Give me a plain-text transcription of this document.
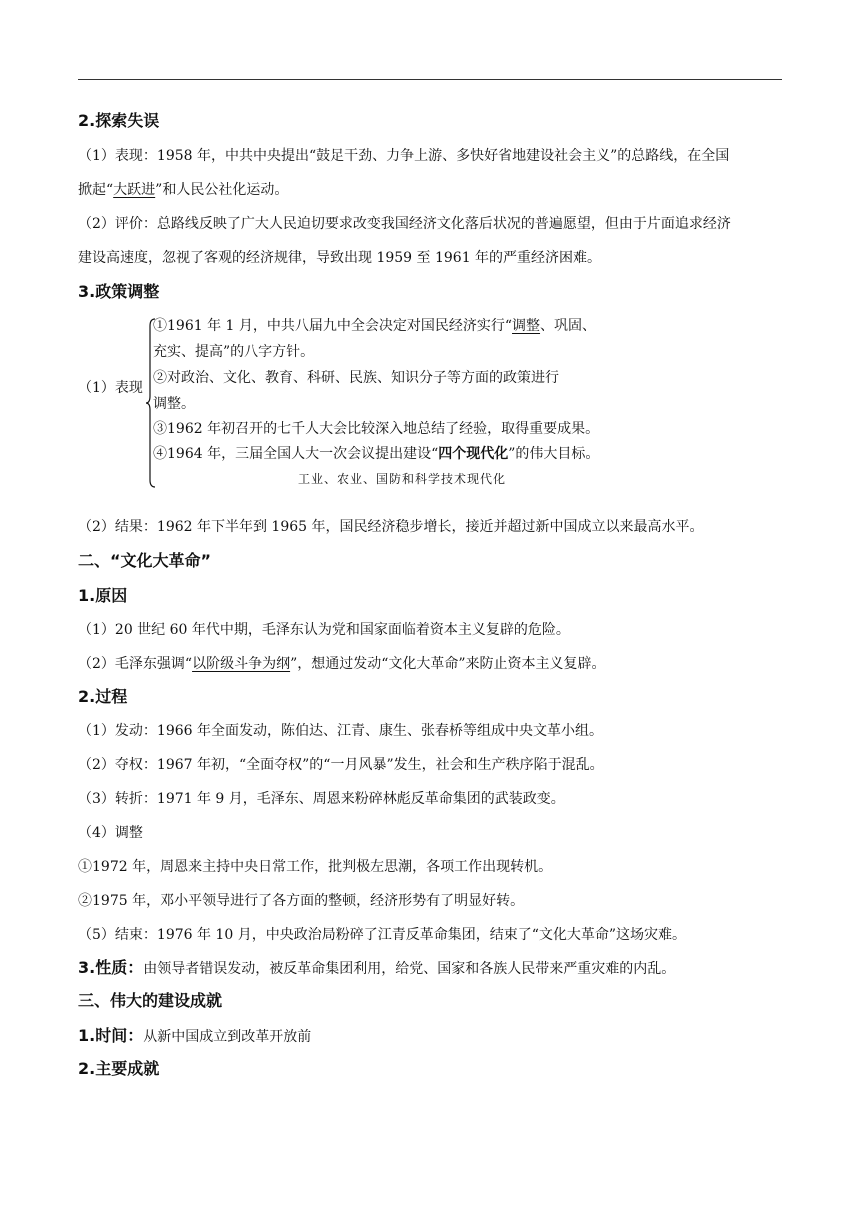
2.探索失误
（1）表现：1958 年，中共中央提出“鼓足干劲、力争上游、多快好省地建设社会主义”的总路线，在全国
掀起“大跃进”和人民公社化运动。
（2）评价：总路线反映了广大人民迫切要求改变我国经济文化落后状况的普遍愿望，但由于片面追求经济
建设高速度，忽视了客观的经济规律，导致出现 1959 至 1961 年的严重经济困难。
3.政策调整
（1）表现
①1961 年 1 月，中共八届九中全会决定对国民经济实行“调整、巩固、
充实、提高”的八字方针。
②对政治、文化、教育、科研、民族、知识分子等方面的政策进行
调整。
③1962 年初召开的七千人大会比较深入地总结了经验，取得重要成果。
④1964 年，三届全国人大一次会议提出建设“四个现代化”的伟大目标。
工业、农业、国防和科学技术现代化
（2）结果：1962 年下半年到 1965 年，国民经济稳步增长，接近并超过新中国成立以来最高水平。
二、“文化大革命”
1.原因
（1）20 世纪 60 年代中期，毛泽东认为党和国家面临着资本主义复辟的危险。
（2）毛泽东强调“以阶级斗争为纲”，想通过发动“文化大革命”来防止资本主义复辟。
2.过程
（1）发动：1966 年全面发动，陈伯达、江青、康生、张春桥等组成中央文革小组。
（2）夺权：1967 年初，“全面夺权”的“一月风暴”发生，社会和生产秩序陷于混乱。
（3）转折：1971 年 9 月，毛泽东、周恩来粉碎林彪反革命集团的武装政变。
（4）调整
①1972 年，周恩来主持中央日常工作，批判极左思潮，各项工作出现转机。
②1975 年，邓小平领导进行了各方面的整顿，经济形势有了明显好转。
（5）结束：1976 年 10 月，中央政治局粉碎了江青反革命集团，结束了“文化大革命”这场灾难。
3.性质：由领导者错误发动，被反革命集团利用，给党、国家和各族人民带来严重灾难的内乱。
三、伟大的建设成就
1.时间：从新中国成立到改革开放前
2.主要成就
